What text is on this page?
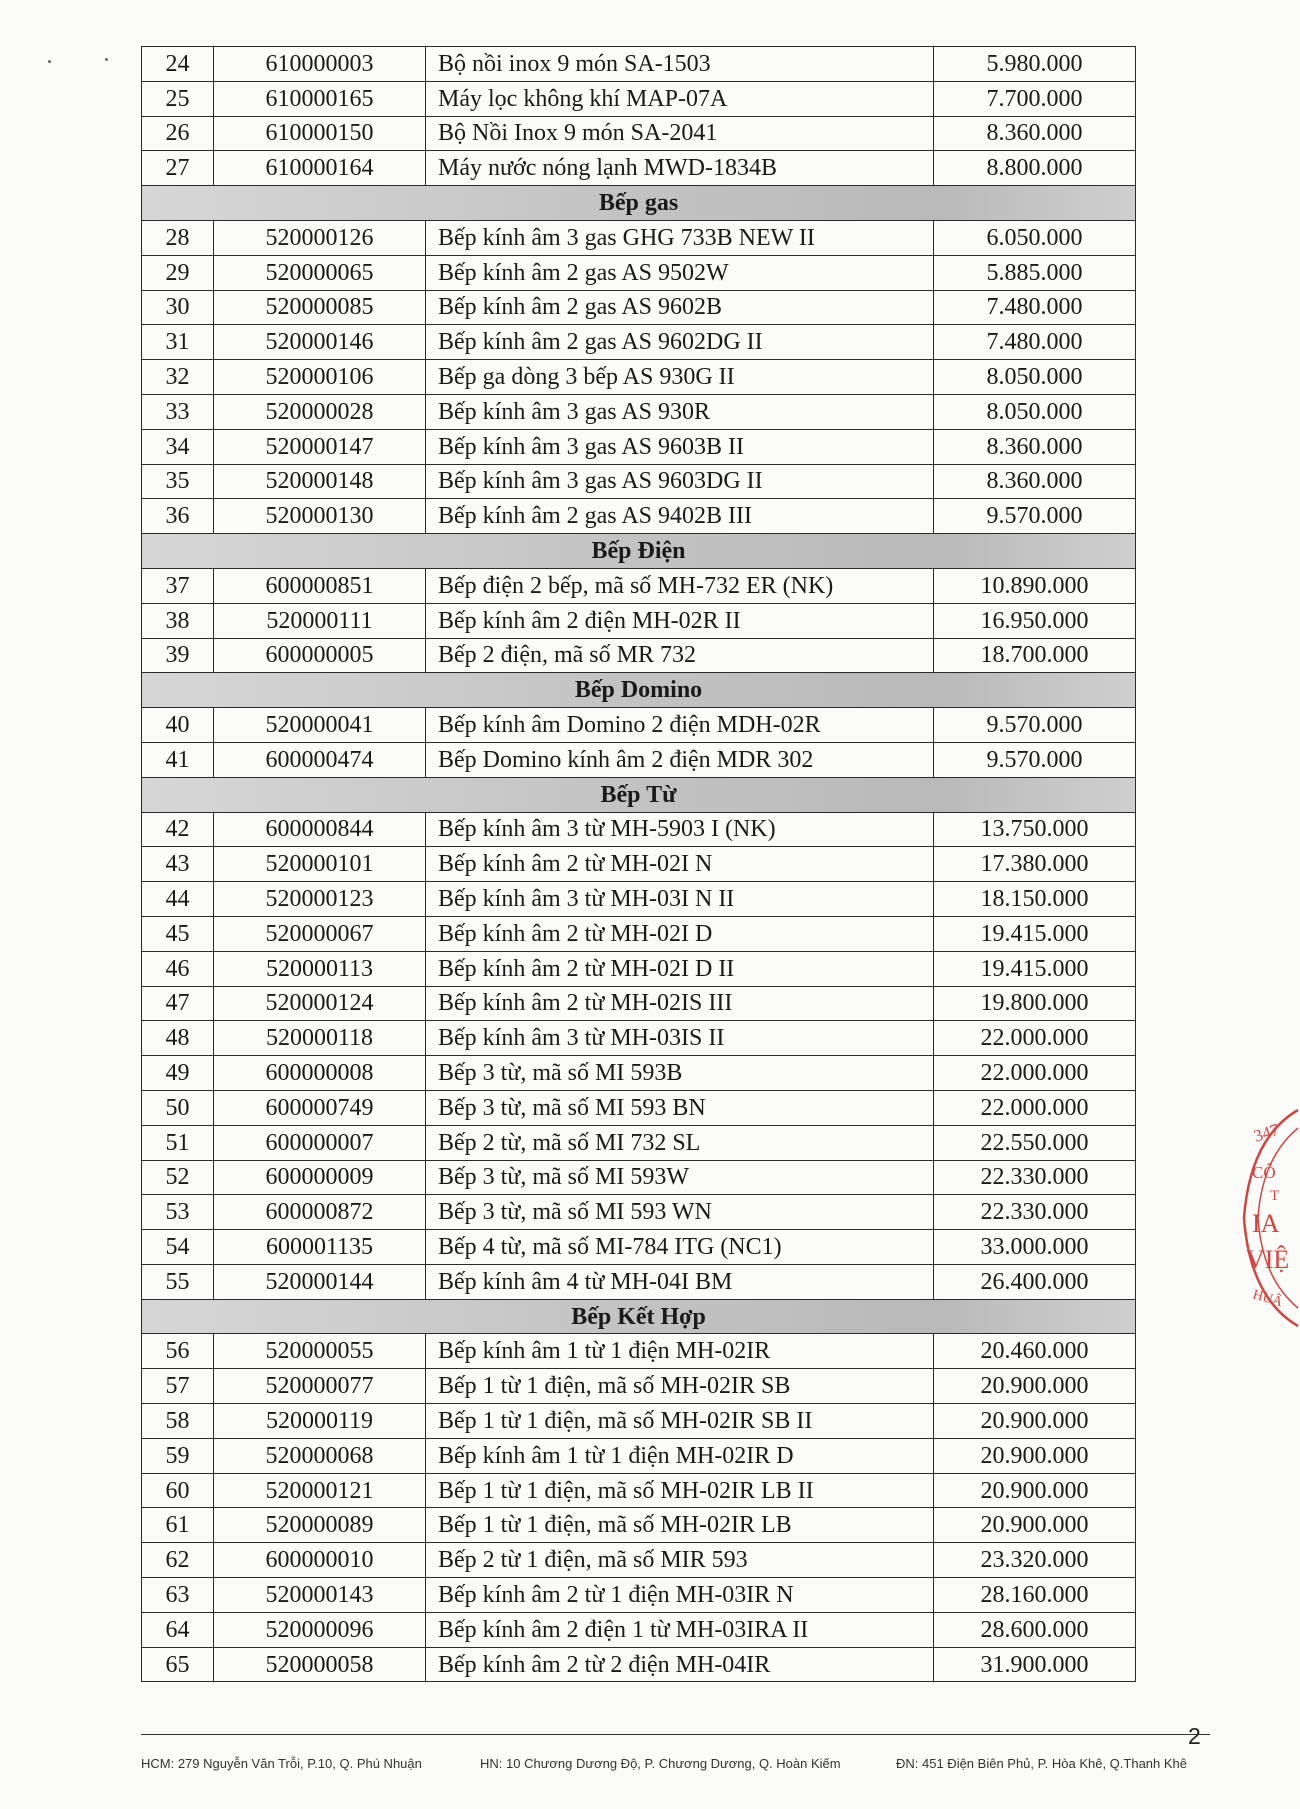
24	610000003	Bộ nồi inox 9 món SA-1503	5.980.000
25	610000165	Máy lọc không khí MAP-07A	7.700.000
26	610000150	Bộ Nồi Inox 9 món SA-2041	8.360.000
27	610000164	Máy nước nóng lạnh MWD-1834B	8.800.000
Bếp gas			
28	520000126	Bếp kính âm 3 gas GHG 733B NEW II	6.050.000
29	520000065	Bếp kính âm 2 gas AS 9502W	5.885.000
30	520000085	Bếp kính âm 2 gas AS 9602B	7.480.000
31	520000146	Bếp kính âm 2 gas AS 9602DG II	7.480.000
32	520000106	Bếp ga dòng 3 bếp AS 930G II	8.050.000
33	520000028	Bếp kính âm 3 gas AS 930R	8.050.000
34	520000147	Bếp kính âm 3 gas AS 9603B II	8.360.000
35	520000148	Bếp kính âm 3 gas AS 9603DG II	8.360.000
36	520000130	Bếp kính âm 2 gas AS 9402B III	9.570.000
Bếp Điện			
37	600000851	Bếp điện 2 bếp, mã số MH-732 ER (NK)	10.890.000
38	520000111	Bếp kính âm 2 điện MH-02R II	16.950.000
39	600000005	Bếp 2 điện, mã số MR 732	18.700.000
Bếp Domino			
40	520000041	Bếp kính âm Domino 2 điện MDH-02R	9.570.000
41	600000474	Bếp Domino kính âm 2 điện MDR 302	9.570.000
Bếp Từ			
42	600000844	Bếp kính âm 3 từ MH-5903 I (NK)	13.750.000
43	520000101	Bếp kính âm 2 từ MH-02I N	17.380.000
44	520000123	Bếp kính âm 3 từ MH-03I N II	18.150.000
45	520000067	Bếp kính âm 2 từ MH-02I D	19.415.000
46	520000113	Bếp kính âm 2 từ MH-02I D II	19.415.000
47	520000124	Bếp kính âm 2 từ MH-02IS III	19.800.000
48	520000118	Bếp kính âm 3 từ MH-03IS II	22.000.000
49	600000008	Bếp 3 từ, mã số MI 593B	22.000.000
50	600000749	Bếp 3 từ, mã số MI 593 BN	22.000.000
51	600000007	Bếp 2 từ, mã số MI 732 SL	22.550.000
52	600000009	Bếp 3 từ, mã số MI 593W	22.330.000
53	600000872	Bếp 3 từ, mã số MI 593 WN	22.330.000
54	600001135	Bếp 4 từ, mã số MI-784 ITG (NC1)	33.000.000
55	520000144	Bếp kính âm 4 từ MH-04I BM	26.400.000
Bếp Kết Hợp			
56	520000055	Bếp kính âm 1 từ 1 điện MH-02IR	20.460.000
57	520000077	Bếp 1 từ 1 điện, mã số MH-02IR SB	20.900.000
58	520000119	Bếp 1 từ 1 điện, mã số MH-02IR SB II	20.900.000
59	520000068	Bếp kính âm 1 từ 1 điện MH-02IR D	20.900.000
60	520000121	Bếp 1 từ 1 điện, mã số MH-02IR LB II	20.900.000
61	520000089	Bếp 1 từ 1 điện, mã số MH-02IR LB	20.900.000
62	600000010	Bếp 2 từ 1 điện, mã số MIR 593	23.320.000
63	520000143	Bếp kính âm 2 từ 1 điện MH-03IR N	28.160.000
64	520000096	Bếp kính âm 2 điện 1 từ MH-03IRA II	28.600.000
65	520000058	Bếp kính âm 2 từ 2 điện MH-04IR	31.900.000
2
HCM: 279 Nguyễn Văn Trỗi, P.10, Q. Phú Nhuận	HN: 10 Chương Dương Độ, P. Chương Dương, Q. Hoàn Kiếm	ĐN: 451 Điện Biên Phủ, P. Hòa Khê, Q.Thanh Khê
347
CÔ
T
IA
VIỆ
HUẬ
